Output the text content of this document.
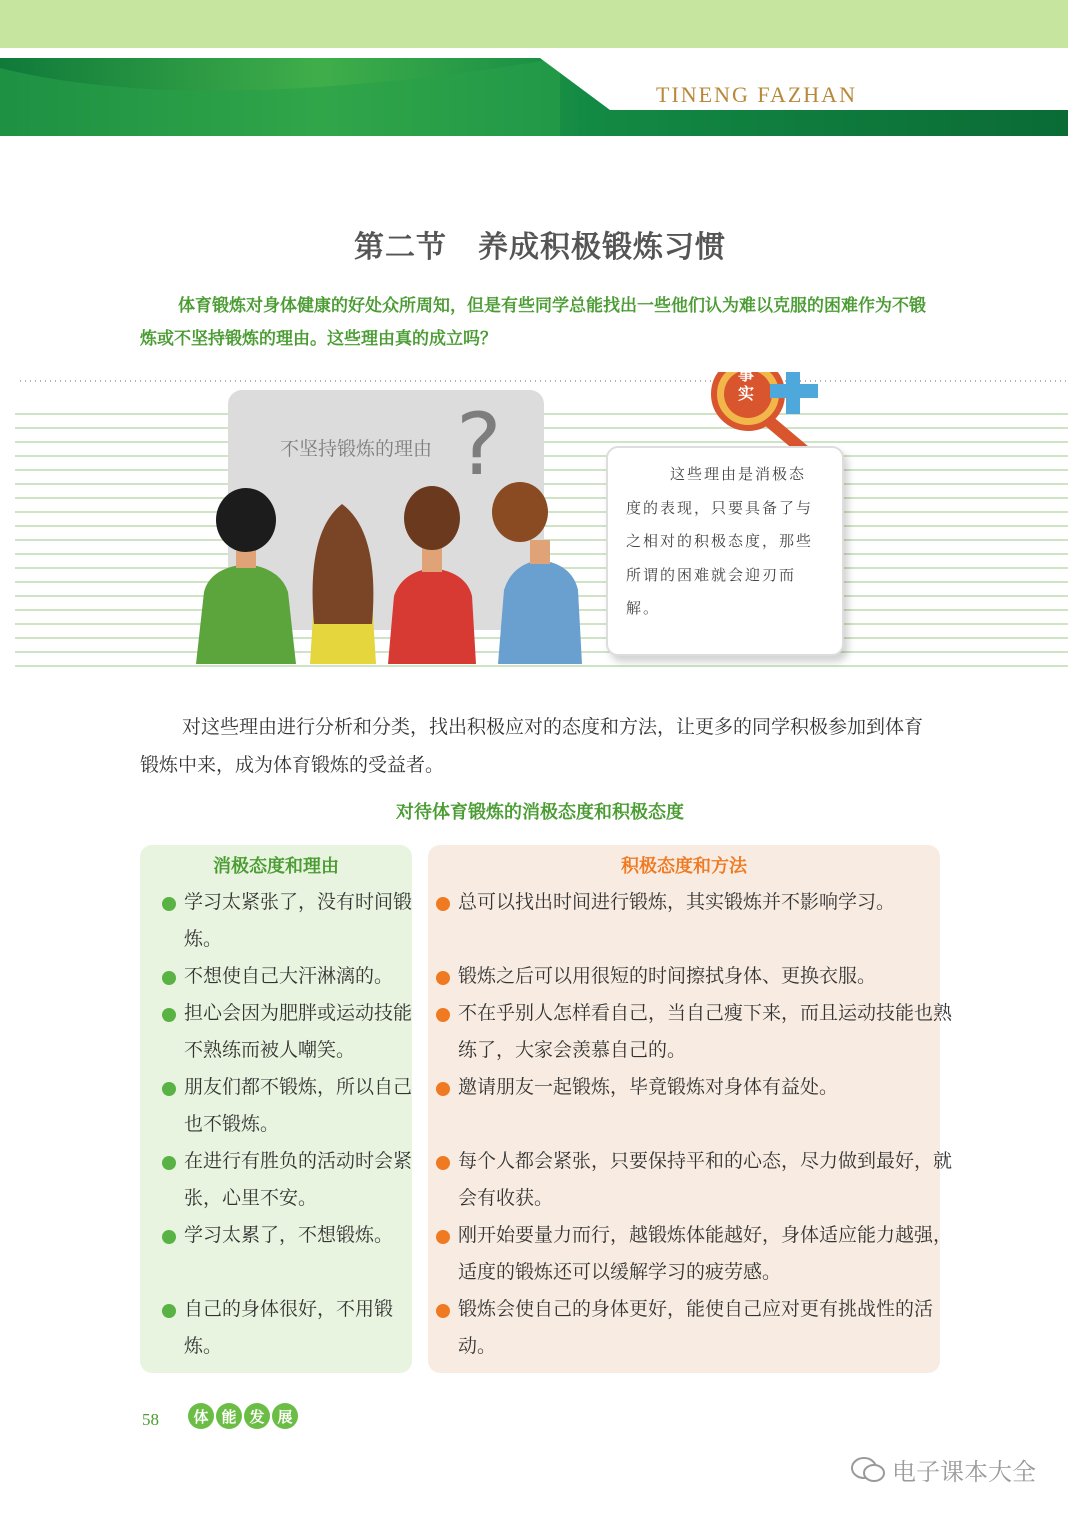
TINENG FAZHAN
第二节　养成积极锻炼习惯
体育锻炼对身体健康的好处众所周知，但是有些同学总能找出一些他们认为难以克服的困难作为不锻炼或不坚持锻炼的理由。这些理由真的成立吗？
?
不坚持锻炼的理由
事实
这些理由是消极态度的表现，只要具备了与之相对的积极态度，那些所谓的困难就会迎刃而解。
对这些理由进行分析和分类，找出积极应对的态度和方法，让更多的同学积极参加到体育锻炼中来，成为体育锻炼的受益者。
对待体育锻炼的消极态度和积极态度
消极态度和理由	积极态度和方法
学习太紧张了，没有时间锻炼。
不想使自己大汗淋漓的。
担心会因为肥胖或运动技能不熟练而被人嘲笑。
朋友们都不锻炼，所以自己也不锻炼。
在进行有胜负的活动时会紧张，心里不安。
学习太累了，不想锻炼。
自己的身体很好，不用锻炼。
总可以找出时间进行锻炼，其实锻炼并不影响学习。
锻炼之后可以用很短的时间擦拭身体、更换衣服。
不在乎别人怎样看自己，当自己瘦下来，而且运动技能也熟练了，大家会羡慕自己的。
邀请朋友一起锻炼，毕竟锻炼对身体有益处。
每个人都会紧张，只要保持平和的心态，尽力做到最好，就会有收获。
刚开始要量力而行，越锻炼体能越好，身体适应能力越强，适度的锻炼还可以缓解学习的疲劳感。
锻炼会使自己的身体更好，能使自己应对更有挑战性的活动。
58	体 能 发 展
电子课本大全
